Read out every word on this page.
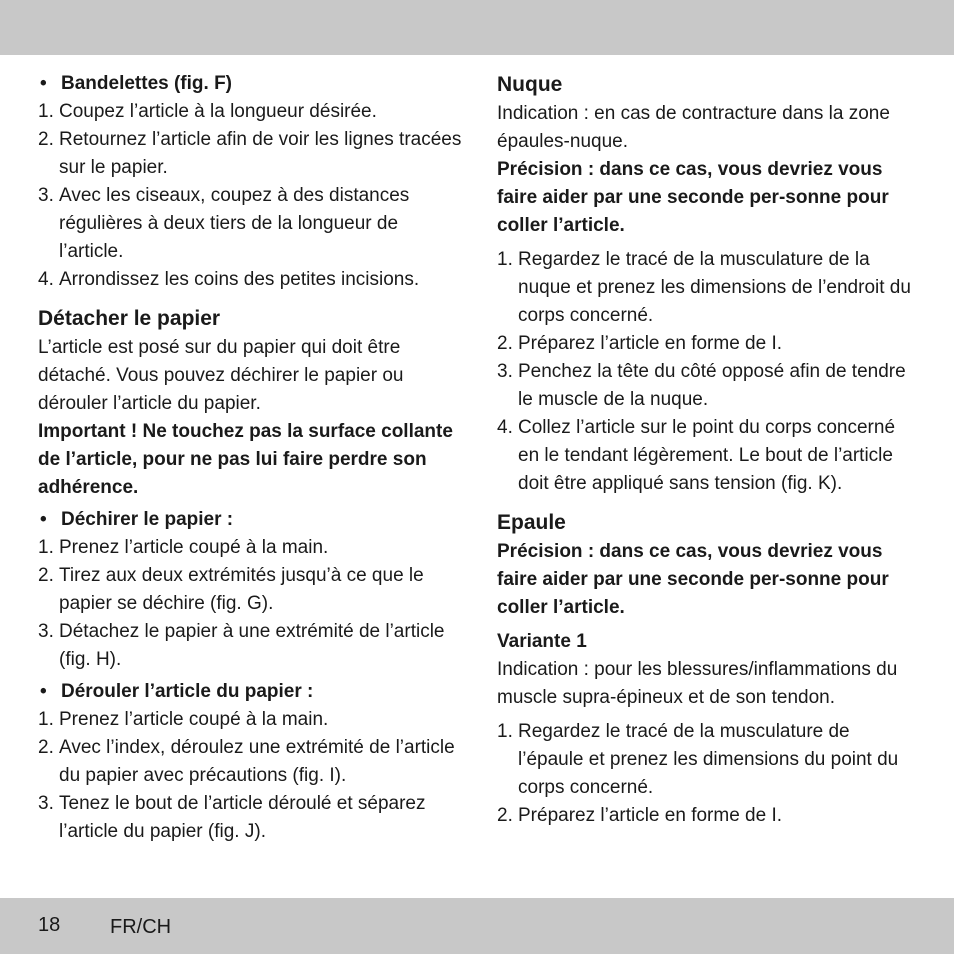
• Bandelettes (fig. F)
1. Coupez l’article à la longueur désirée.
2. Retournez l’article afin de voir les lignes tracées sur le papier.
3. Avec les ciseaux, coupez à des distances régulières à deux tiers de la longueur de l’article.
4. Arrondissez les coins des petites incisions.
Détacher le papier

L’article est posé sur du papier qui doit être détaché. Vous pouvez déchirer le papier ou dérouler l’article du papier.

Important ! Ne touchez pas la surface collante de l’article, pour ne pas lui faire perdre son adhérence.

• Déchirer le papier :
1. Prenez l’article coupé à la main.
2. Tirez aux deux extrémités jusqu’à ce que le papier se déchire (fig. G).
3. Détachez le papier à une extrémité de l’article (fig. H).
• Dérouler l’article du papier :
1. Prenez l’article coupé à la main.
2. Avec l’index, déroulez une extrémité de l’article du papier avec précautions (fig. I).
3. Tenez le bout de l’article déroulé et séparez l’article du papier (fig. J).
Nuque

Indication : en cas de contracture dans la zone épaules-nuque.

Précision : dans ce cas, vous devriez vous faire aider par une seconde per-sonne pour coller l’article.

1. Regardez le tracé de la musculature de la nuque et prenez les dimensions de l’endroit du corps concerné.
2. Préparez l’article en forme de I.
3. Penchez la tête du côté opposé afin de tendre le muscle de la nuque.
4. Collez l’article sur le point du corps concerné en le tendant légèrement. Le bout de l’article doit être appliqué sans tension (fig. K).
Epaule

Précision : dans ce cas, vous devriez vous faire aider par une seconde per-sonne pour coller l’article.

Variante 1

Indication : pour les blessures/inflammations du muscle supra-épineux et de son tendon.

1. Regardez le tracé de la musculature de l’épaule et prenez les dimensions du point du corps concerné.
2. Préparez l’article en forme de I.
18 FR/CH
